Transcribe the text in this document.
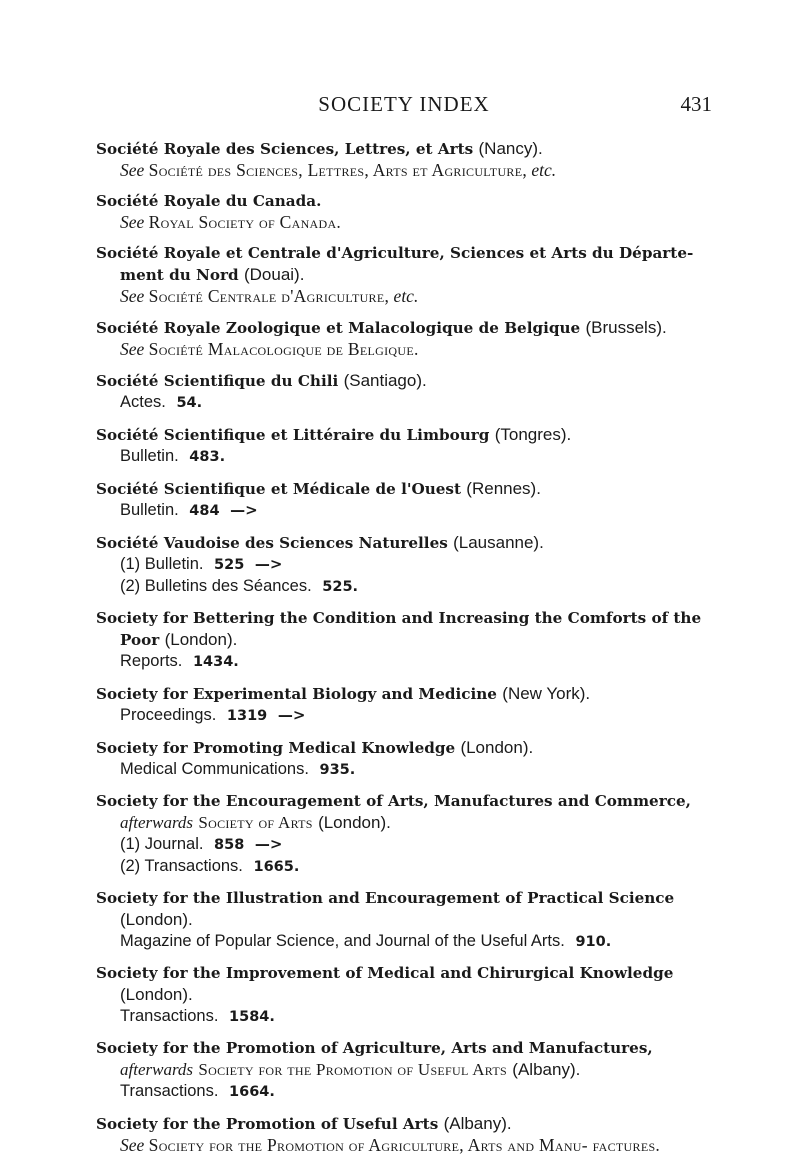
SOCIETY INDEX	431
Société Royale des Sciences, Lettres, et Arts (Nancy).
See Société des Sciences, Lettres, Arts et Agriculture, etc.
Société Royale du Canada.
See Royal Society of Canada.
Société Royale et Centrale d'Agriculture, Sciences et Arts du Départe- ment du Nord (Douai).
See Société Centrale d'Agriculture, etc.
Société Royale Zoologique et Malacologique de Belgique (Brussels).
See Société Malacologique de Belgique.
Société Scientifique du Chili (Santiago).
Actes. 54.
Société Scientifique et Littéraire du Limbourg (Tongres).
Bulletin. 483.
Société Scientifique et Médicale de l'Ouest (Rennes).
Bulletin. 484 —>
Société Vaudoise des Sciences Naturelles (Lausanne).
(1) Bulletin. 525 —>
(2) Bulletins des Séances. 525.
Society for Bettering the Condition and Increasing the Comforts of the Poor (London).
Reports. 1434.
Society for Experimental Biology and Medicine (New York).
Proceedings. 1319 —>
Society for Promoting Medical Knowledge (London).
Medical Communications. 935.
Society for the Encouragement of Arts, Manufactures and Commerce, afterwards Society of Arts (London).
(1) Journal. 858 —>
(2) Transactions. 1665.
Society for the Illustration and Encouragement of Practical Science (London).
Magazine of Popular Science, and Journal of the Useful Arts. 910.
Society for the Improvement of Medical and Chirurgical Knowledge (London).
Transactions. 1584.
Society for the Promotion of Agriculture, Arts and Manufactures, afterwards Society for the Promotion of Useful Arts (Albany).
Transactions. 1664.
Society for the Promotion of Useful Arts (Albany).
See Society for the Promotion of Agriculture, Arts and Manu- factures.
